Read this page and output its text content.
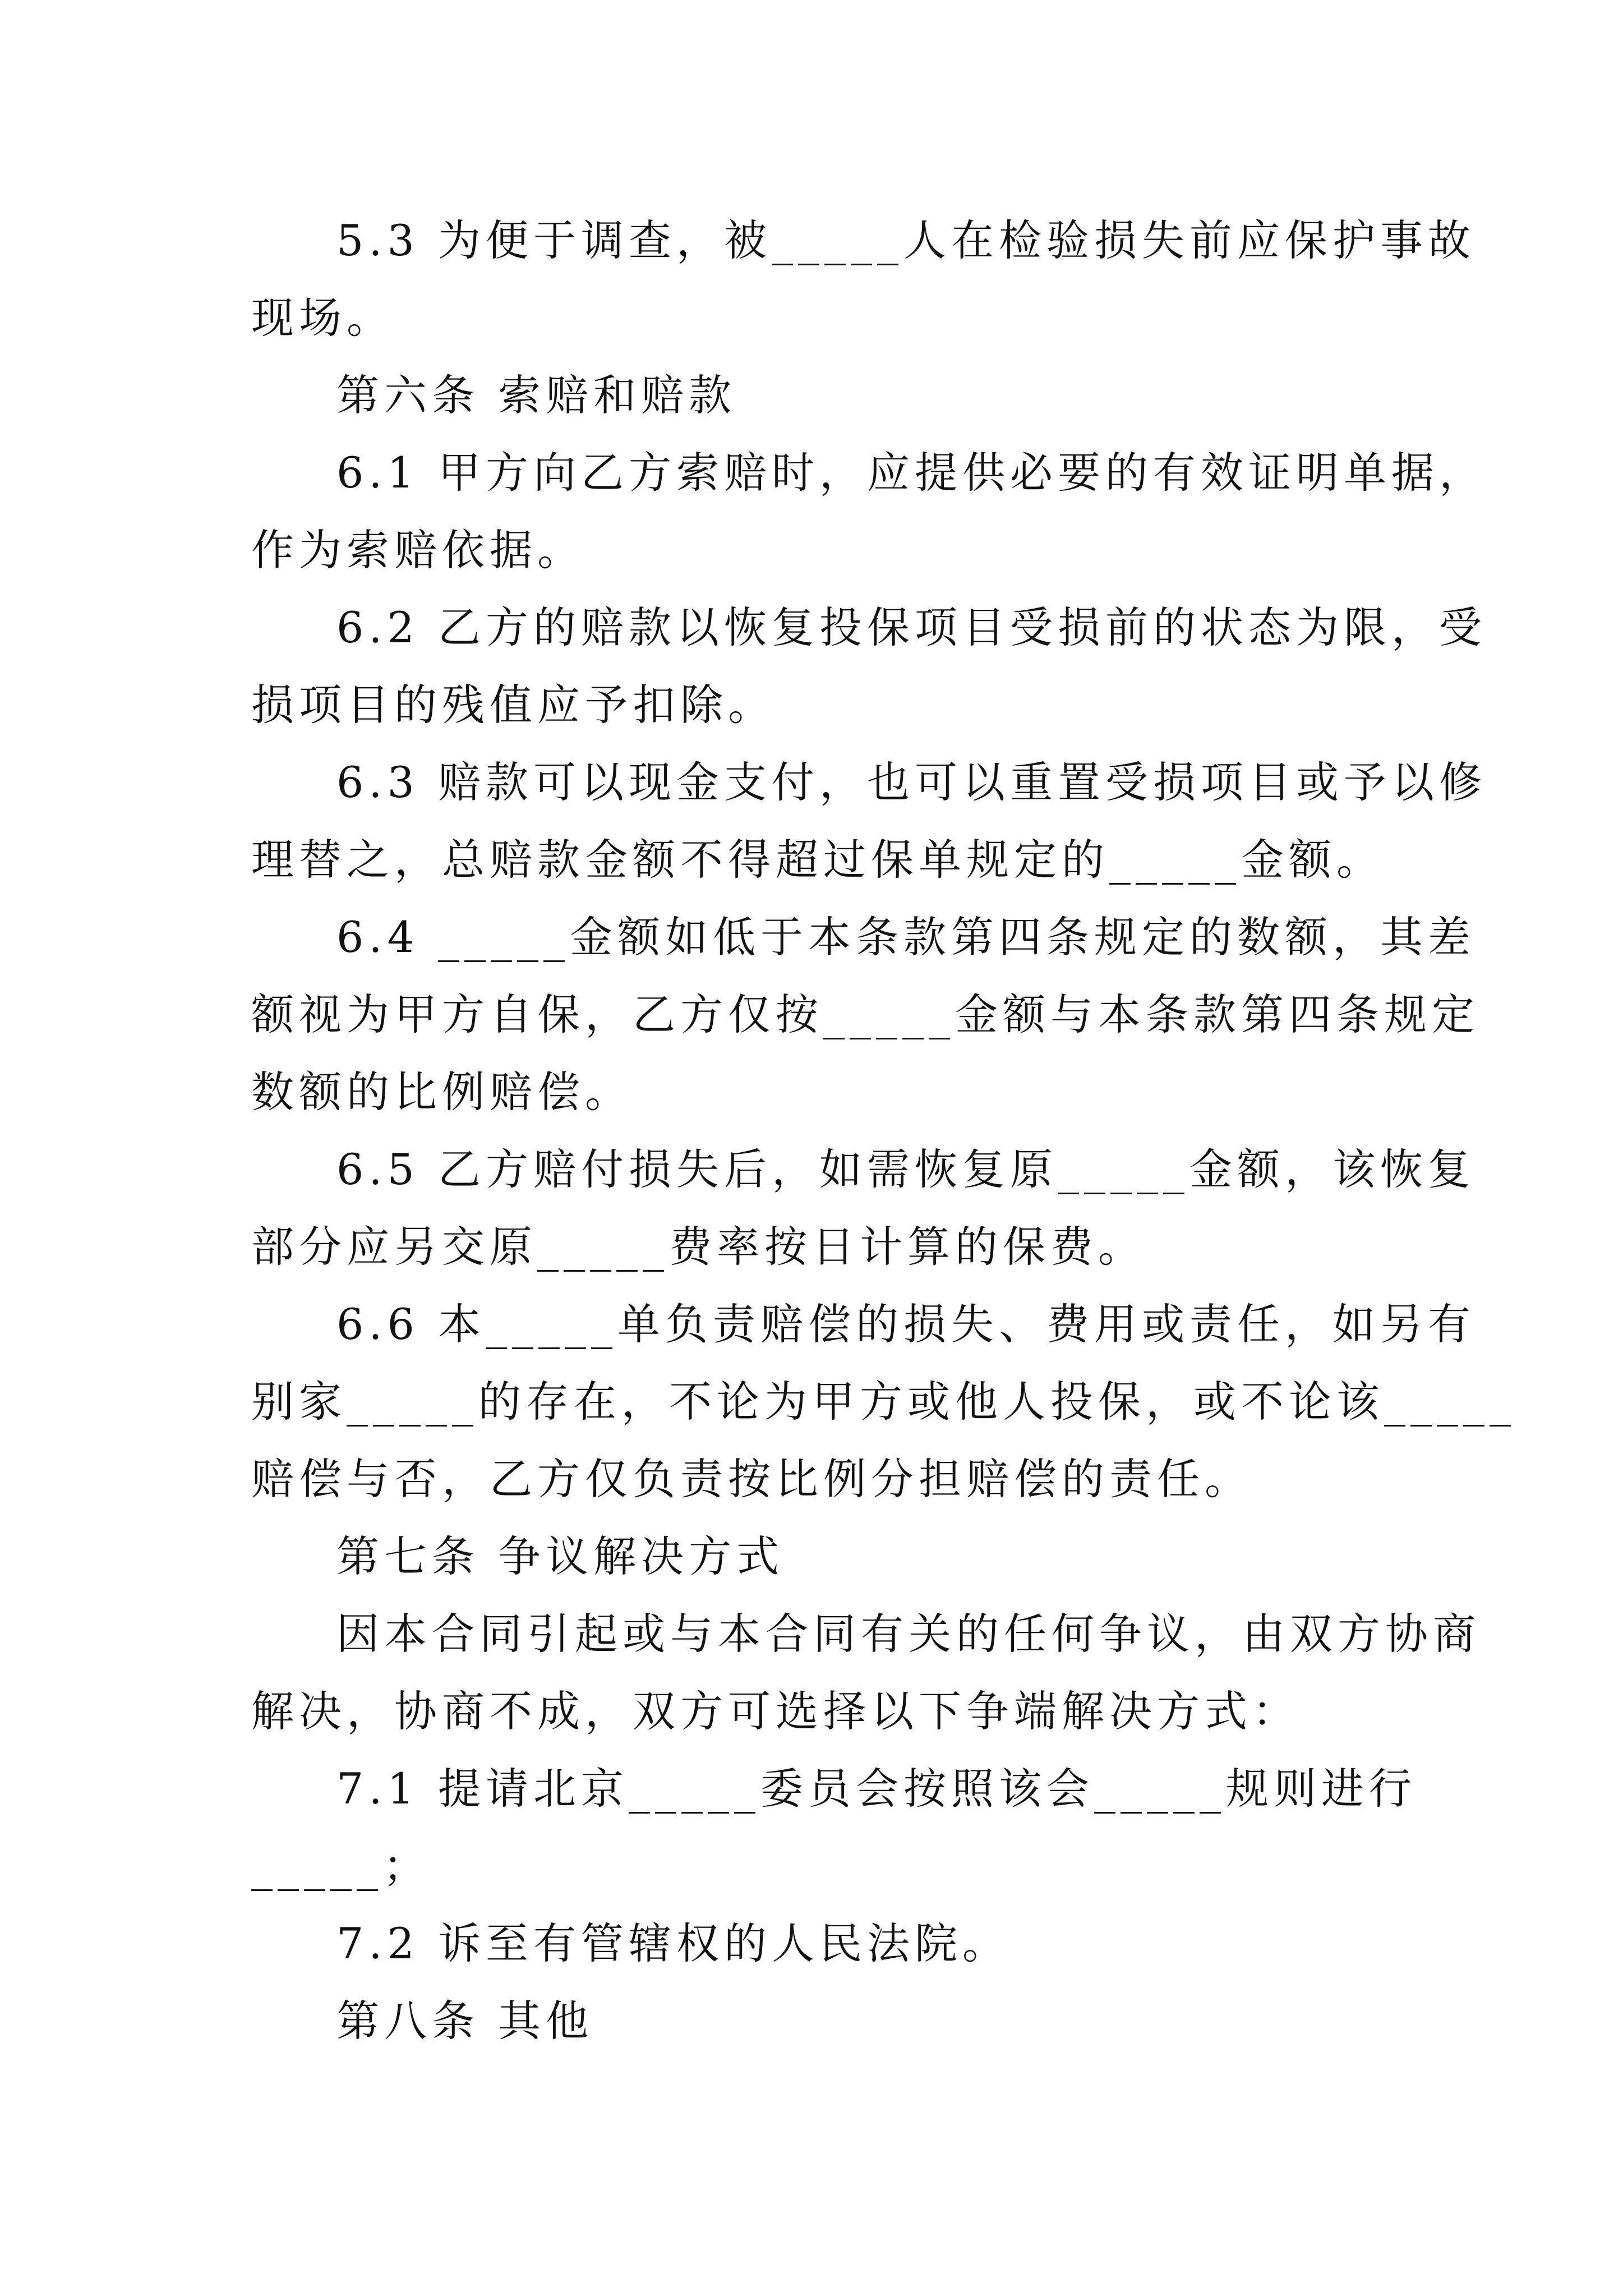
5.3 为便于调查，被_____人在检验损失前应保护事故

现场。

第六条 索赔和赔款

6.1 甲方向乙方索赔时，应提供必要的有效证明单据，

作为索赔依据。

6.2 乙方的赔款以恢复投保项目受损前的状态为限，受

损项目的残值应予扣除。

6.3 赔款可以现金支付，也可以重置受损项目或予以修

理替之，总赔款金额不得超过保单规定的_____金额。

6.4 _____金额如低于本条款第四条规定的数额，其差

额视为甲方自保，乙方仅按_____金额与本条款第四条规定

数额的比例赔偿。

6.5 乙方赔付损失后，如需恢复原_____金额，该恢复

部分应另交原_____费率按日计算的保费。

6.6 本_____单负责赔偿的损失、费用或责任，如另有

别家_____的存在，不论为甲方或他人投保，或不论该_____

赔偿与否，乙方仅负责按比例分担赔偿的责任。

第七条 争议解决方式

因本合同引起或与本合同有关的任何争议，由双方协商

解决，协商不成，双方可选择以下争端解决方式：

7.1 提请北京_____委员会按照该会_____规则进行

_____；

7.2 诉至有管辖权的人民法院。

第八条 其他
